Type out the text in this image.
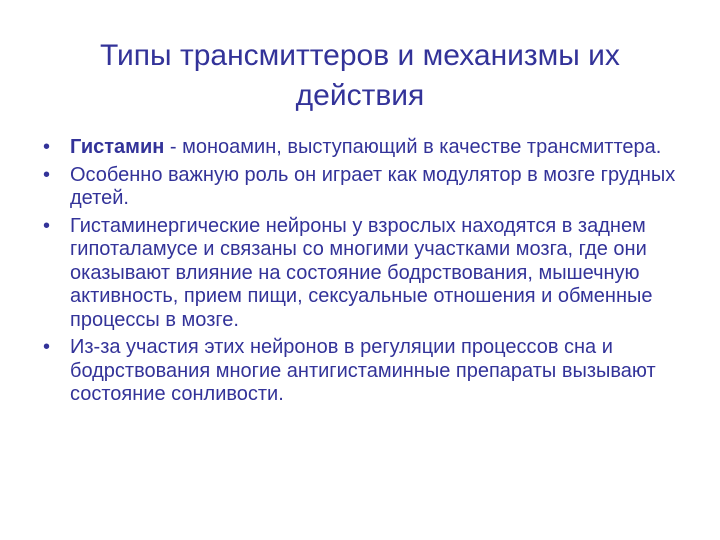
Типы трансмиттеров и механизмы их действия
• Гистамин - моноамин, выступающий в качестве трансмиттера.
• Особенно важную роль он играет как модулятор в мозге грудных детей.
• Гистаминергические нейроны у взрослых находятся в заднем гипоталамусе и связаны со многими участками мозга, где они оказывают влияние на состояние бодрствования, мышечную активность, прием пищи, сексуальные отношения и обменные процессы в мозге.
• Из-за участия этих нейронов в регуляции процессов сна и бодрствования многие антигистаминные препараты вызывают состояние сонливости.
